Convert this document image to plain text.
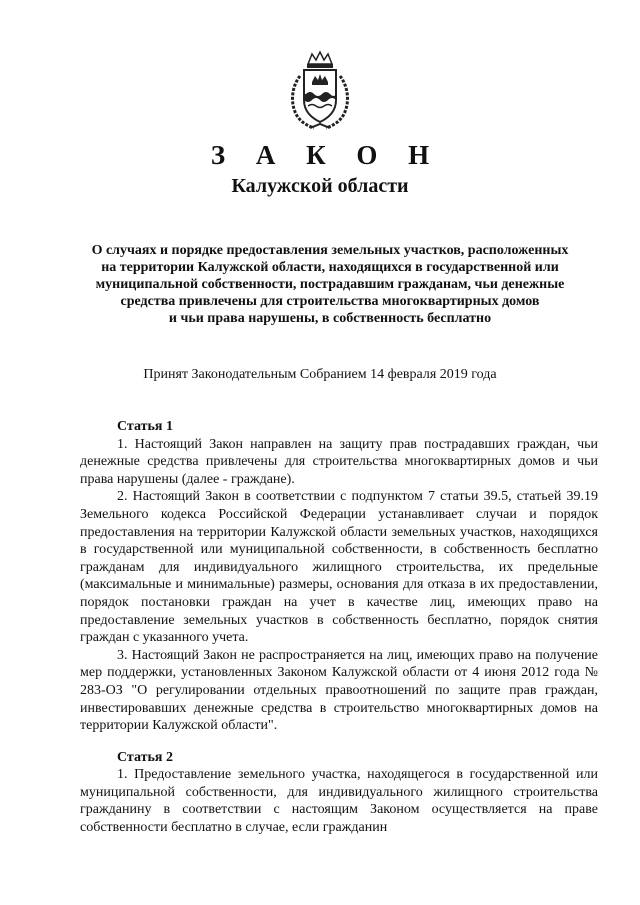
З А К О Н
Калужской области
О случаях и порядке предоставления земельных участков, расположенных
на территории Калужской области, находящихся в государственной или
муниципальной собственности, пострадавшим гражданам, чьи денежные
средства привлечены для строительства многоквартирных домов
и чьи права нарушены, в собственность бесплатно
Принят Законодательным Собранием 14 февраля 2019 года

Статья 1

1. Настоящий Закон направлен на защиту прав пострадавших граждан, чьи денежные средства привлечены для строительства многоквартирных домов и чьи права нарушены (далее - граждане).

2. Настоящий Закон в соответствии с подпунктом 7 статьи 39.5, статьей 39.19 Земельного кодекса Российской Федерации устанавливает случаи и порядок предоставления на территории Калужской области земельных участков, находящихся в государственной или муниципальной собственности, в собственность бесплатно гражданам для индивидуального жилищного строительства, их предельные (максимальные и минимальные) размеры, основания для отказа в их предоставлении, порядок постановки граждан на учет в качестве лиц, имеющих право на предоставление земельных участков в собственность бесплатно, порядок снятия граждан с указанного учета.

3. Настоящий Закон не распространяется на лиц, имеющих право на получение мер поддержки, установленных Законом Калужской области от 4 июня 2012 года № 283-ОЗ "О регулировании отдельных правоотношений по защите прав граждан, инвестировавших денежные средства в строительство многоквартирных домов на территории Калужской области".

Статья 2

1. Предоставление земельного участка, находящегося в государственной или муниципальной собственности, для индивидуального жилищного строительства гражданину в соответствии с настоящим Законом осуществляется на праве собственности бесплатно в случае, если гражданин
